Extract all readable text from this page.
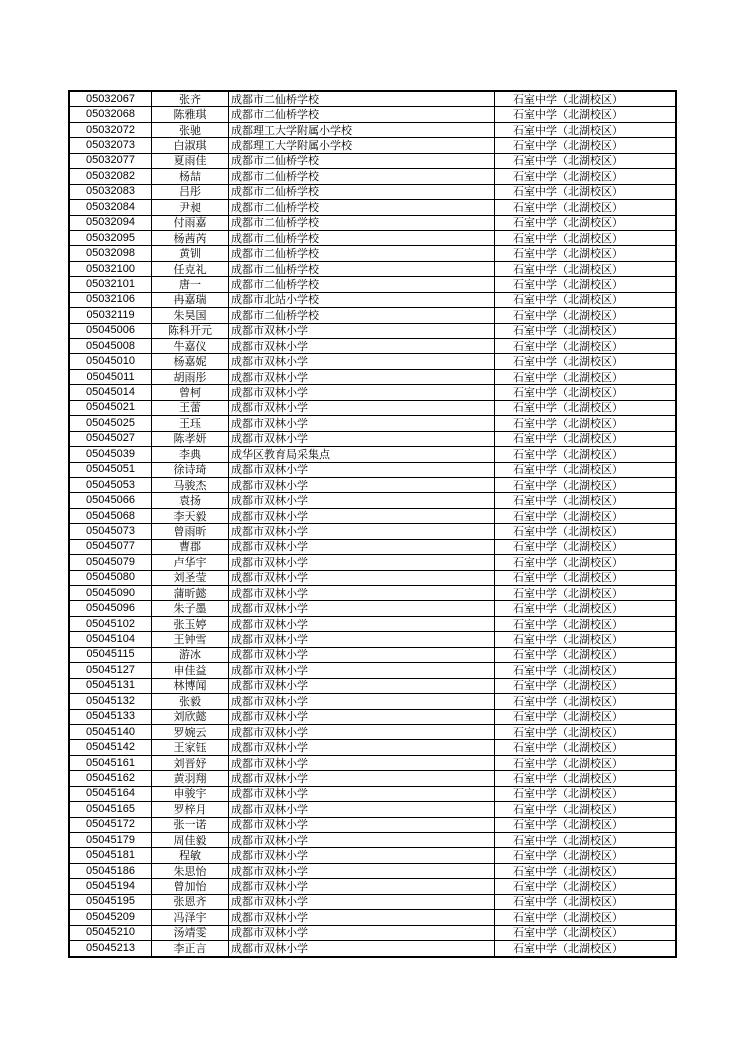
05032067	张齐	成都市二仙桥学校	石室中学（北湖校区）
05032068	陈雅琪	成都市二仙桥学校	石室中学（北湖校区）
05032072	张驰	成都理工大学附属小学校	石室中学（北湖校区）
05032073	白淑琪	成都理工大学附属小学校	石室中学（北湖校区）
05032077	夏雨佳	成都市二仙桥学校	石室中学（北湖校区）
05032082	杨喆	成都市二仙桥学校	石室中学（北湖校区）
05032083	吕彤	成都市二仙桥学校	石室中学（北湖校区）
05032084	尹昶	成都市二仙桥学校	石室中学（北湖校区）
05032094	付雨嘉	成都市二仙桥学校	石室中学（北湖校区）
05032095	杨茜芮	成都市二仙桥学校	石室中学（北湖校区）
05032098	黄钏	成都市二仙桥学校	石室中学（北湖校区）
05032100	任克礼	成都市二仙桥学校	石室中学（北湖校区）
05032101	唐一	成都市二仙桥学校	石室中学（北湖校区）
05032106	冉嘉瑞	成都市北站小学校	石室中学（北湖校区）
05032119	朱昊国	成都市二仙桥学校	石室中学（北湖校区）
05045006	陈科开元	成都市双林小学	石室中学（北湖校区）
05045008	牛嘉仪	成都市双林小学	石室中学（北湖校区）
05045010	杨嘉妮	成都市双林小学	石室中学（北湖校区）
05045011	胡雨彤	成都市双林小学	石室中学（北湖校区）
05045014	曾柯	成都市双林小学	石室中学（北湖校区）
05045021	王蕾	成都市双林小学	石室中学（北湖校区）
05045025	王珏	成都市双林小学	石室中学（北湖校区）
05045027	陈孝妍	成都市双林小学	石室中学（北湖校区）
05045039	李典	成华区教育局采集点	石室中学（北湖校区）
05045051	徐诗琦	成都市双林小学	石室中学（北湖校区）
05045053	马骏杰	成都市双林小学	石室中学（北湖校区）
05045066	袁扬	成都市双林小学	石室中学（北湖校区）
05045068	李天毅	成都市双林小学	石室中学（北湖校区）
05045073	曾雨昕	成都市双林小学	石室中学（北湖校区）
05045077	曹郡	成都市双林小学	石室中学（北湖校区）
05045079	卢华宇	成都市双林小学	石室中学（北湖校区）
05045080	刘圣莹	成都市双林小学	石室中学（北湖校区）
05045090	蒲昕懿	成都市双林小学	石室中学（北湖校区）
05045096	朱子墨	成都市双林小学	石室中学（北湖校区）
05045102	张玉婷	成都市双林小学	石室中学（北湖校区）
05045104	王钟雪	成都市双林小学	石室中学（北湖校区）
05045115	游冰	成都市双林小学	石室中学（北湖校区）
05045127	申佳益	成都市双林小学	石室中学（北湖校区）
05045131	林博闻	成都市双林小学	石室中学（北湖校区）
05045132	张毅	成都市双林小学	石室中学（北湖校区）
05045133	刘欣懿	成都市双林小学	石室中学（北湖校区）
05045140	罗婉云	成都市双林小学	石室中学（北湖校区）
05045142	王家钰	成都市双林小学	石室中学（北湖校区）
05045161	刘晋妤	成都市双林小学	石室中学（北湖校区）
05045162	黄羽翔	成都市双林小学	石室中学（北湖校区）
05045164	申骏宇	成都市双林小学	石室中学（北湖校区）
05045165	罗梓月	成都市双林小学	石室中学（北湖校区）
05045172	张一诺	成都市双林小学	石室中学（北湖校区）
05045179	周佳毅	成都市双林小学	石室中学（北湖校区）
05045181	程敏	成都市双林小学	石室中学（北湖校区）
05045186	朱思怡	成都市双林小学	石室中学（北湖校区）
05045194	曾加怡	成都市双林小学	石室中学（北湖校区）
05045195	张恩齐	成都市双林小学	石室中学（北湖校区）
05045209	冯泽宇	成都市双林小学	石室中学（北湖校区）
05045210	汤靖雯	成都市双林小学	石室中学（北湖校区）
05045213	李正言	成都市双林小学	石室中学（北湖校区）
